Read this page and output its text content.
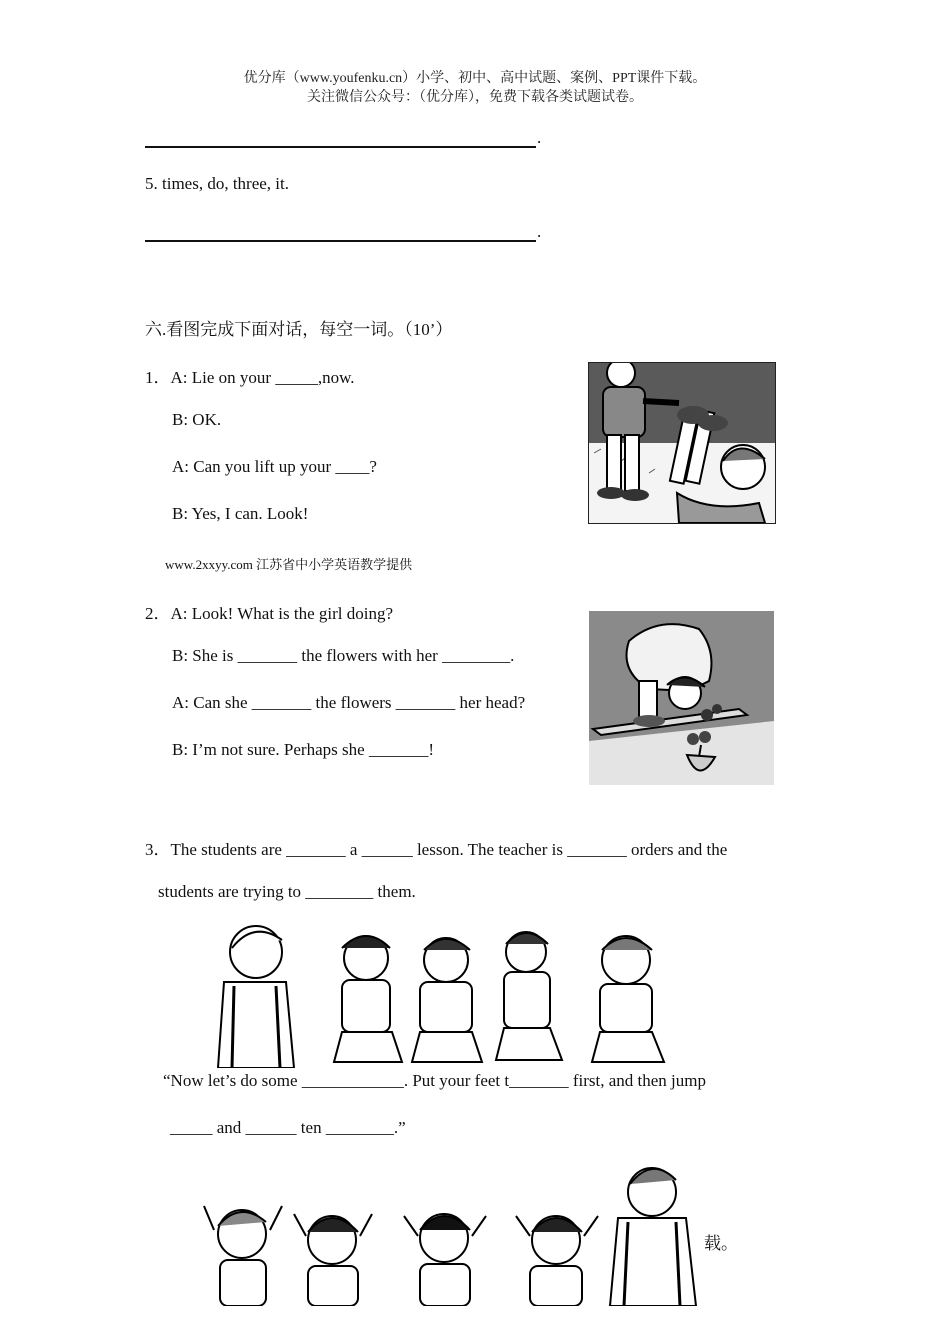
优分库（www.youfenku.cn）小学、初中、高中试题、案例、PPT课件下载。
关注微信公众号：（优分库），免费下载各类试题试卷。
.
5. times, do, three, it.
.
六.看图完成下面对话，每空一词。（10’）
1．A: Lie on your _____,now.
B: OK.
A: Can you lift up your ____?
B: Yes, I can. Look!
www.2xxyy.com 江苏省中小学英语教学提供
2．A: Look! What is the girl doing?
B: She is _______ the flowers with her ________.
A: Can she _______ the flowers _______ her head?
B: I’m not sure. Perhaps she _______!
3．The students are _______ a ______ lesson. The teacher is _______ orders and the
students are trying to ________ them.
“Now let’s do some ____________. Put your feet t_______ first, and then jump
_____ and ______ ten ________.”
载。
